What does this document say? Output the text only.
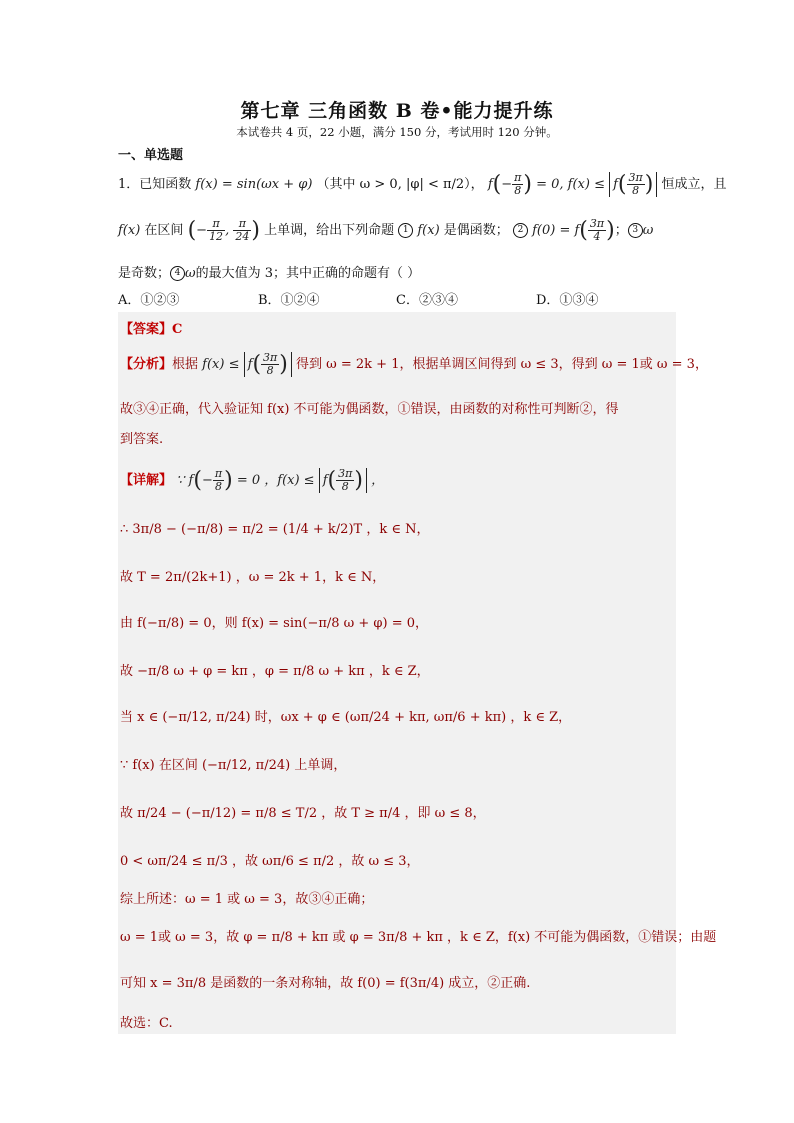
第七章 三角函数 B 卷•能力提升练
本试卷共 4 页，22 小题，满分 150 分，考试用时 120 分钟。
一、单选题
1．已知函数 f(x) = sin(ωx + φ) （其中 ω > 0, |φ| < π/2）， $f(- \frac{\pi}{8}$ ) = 0, $f(x) \le f( \frac{3\pi}{8}$ ) 恒成立，且
f(x) 在区间 (− $\frac{\pi}{12}$ , $\frac{\pi}{24}$ ) 上单调，给出下列命题 1 f(x) 是偶函数； 2 $f(0) = f( \frac{3\pi}{4}$ )； 3 ω
是奇数； 4 ω的最大值为 3；其中正确的命题有（ ）
A．①②③	B．①②④	C．②③④	D．①③④
【答案】C
【分析】根据 $f(x) \le f( \frac{3\pi}{8}$ ) 得到 ω = 2k + 1，根据单调区间得到 ω ≤ 3，得到 ω = 1或 ω = 3，
故③④正确，代入验证知 f(x) 不可能为偶函数，①错误，由函数的对称性可判断②，得
到答案.
【详解】 ∵ $f(- \frac{\pi}{8}$ ) = 0 ，$f(x) \le f( \frac{3\pi}{8}$ ) ，
∴ 3π/8 − (−π/8) = π/2 = (1/4 + k/2)T ，k ∈ N，
故 T = 2π/(2k+1) ，ω = 2k + 1，k ∈ N，
由 f(−π/8) = 0，则 f(x) = sin(−π/8 ω + φ) = 0，
故 −π/8 ω + φ = kπ ，φ = π/8 ω + kπ ，k ∈ Z，
当 x ∈ (−π/12, π/24) 时，ωx + φ ∈ (ωπ/24 + kπ, ωπ/6 + kπ) ，k ∈ Z，
∵ f(x) 在区间 (−π/12, π/24) 上单调，
故 π/24 − (−π/12) = π/8 ≤ T/2 ，故 T ≥ π/4 ，即 ω ≤ 8，
0 < ωπ/24 ≤ π/3 ，故 ωπ/6 ≤ π/2 ，故 ω ≤ 3，
综上所述：ω = 1 或 ω = 3，故③④正确；
ω = 1或 ω = 3，故 φ = π/8 + kπ 或 φ = 3π/8 + kπ ，k ∈ Z，f(x) 不可能为偶函数，①错误；由题
可知 x = 3π/8 是函数的一条对称轴，故 f(0) = f(3π/4) 成立，②正确.
故选：C.
